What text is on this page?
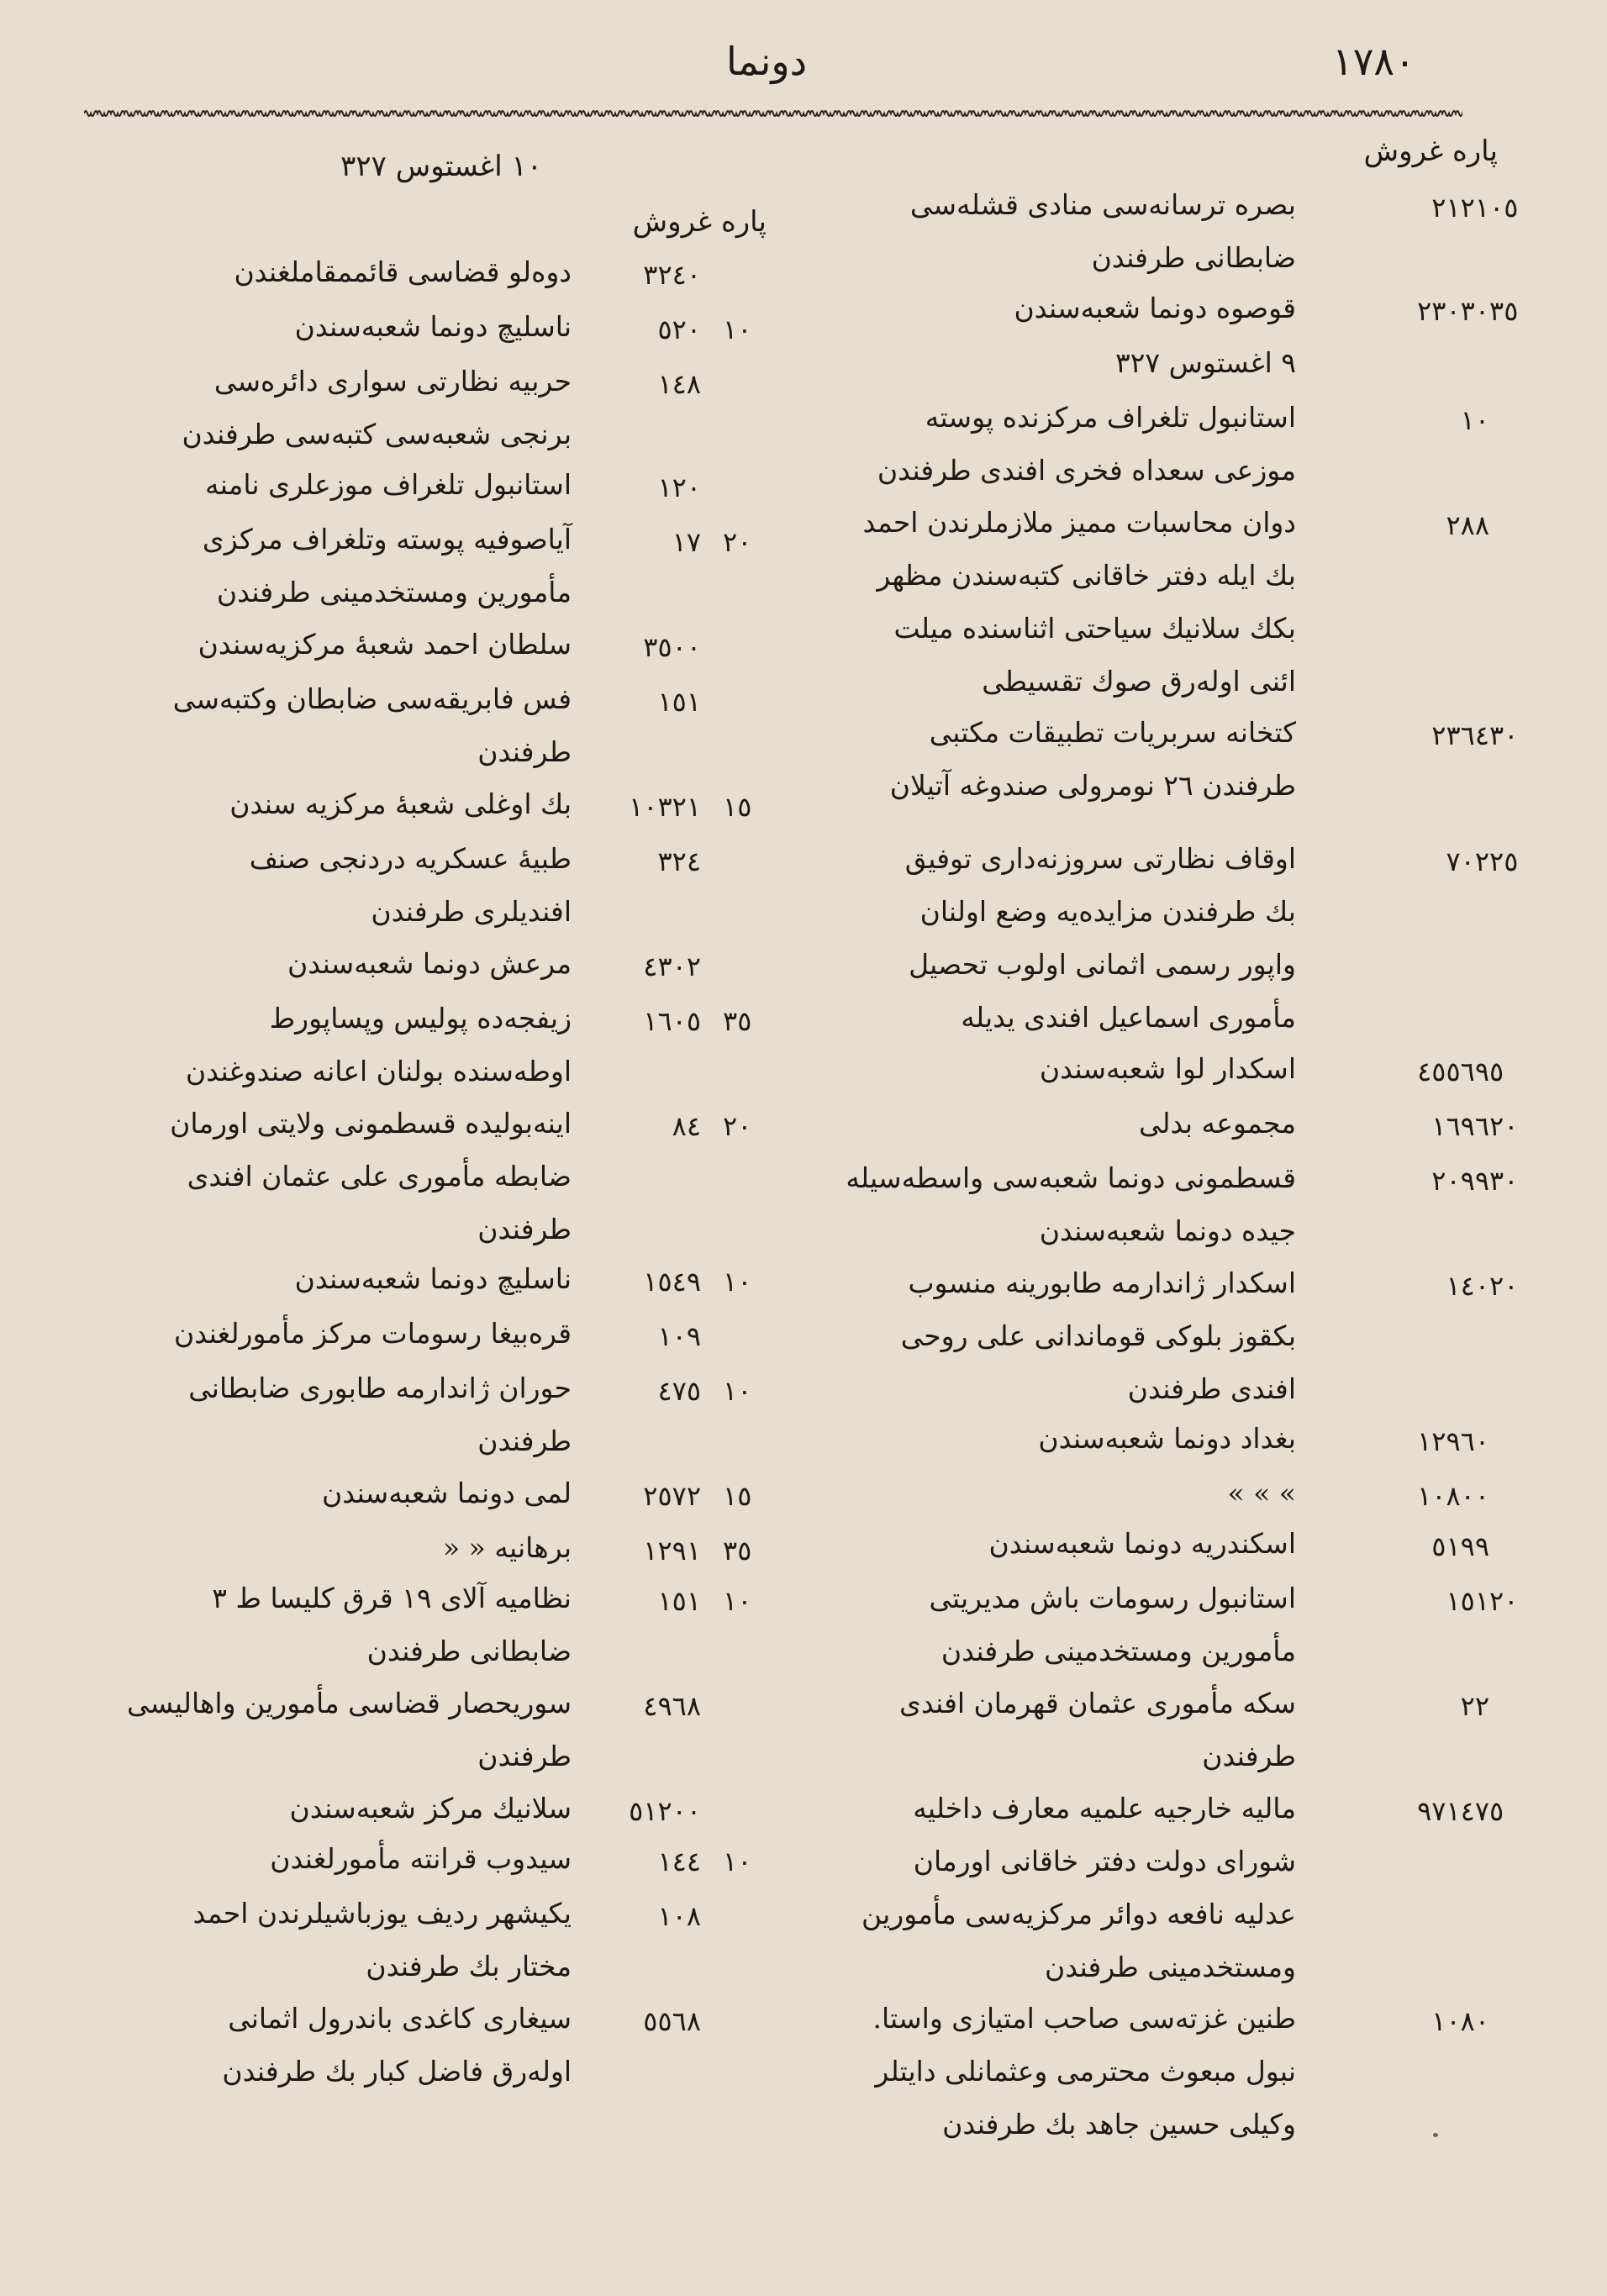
١٧٨٠
دونما
پاره غروش
٢١٢١ ٠٥
بصره ترسانه‌سی منادی قشله‌سی
ضابطانی طرفندن
٢٣٠٣٠ ٣٥
قوصوه دونما شعبه‌سندن
٩ اغستوس ٣٢٧
١٠
استانبول تلغراف مرکزنده پوسته
موزعی سعداه فخری افندی طرفندن
٢٨٨
دوان محاسبات مميز ملازملرندن احمد
بك ايله دفتر خاقانی کتبه‌سندن مظهر
بکك سلانيك سياحتی اثناسنده ميلت
ائنی اوله‌رق صوك تقسيطی
٢٣٦٤ ٣٠
کتخانه سربريات تطبيقات مکتبی
طرفندن ٢٦ نومرولی صندوغه آتيلان
٧٠٢ ٢٥
اوقاف نظارتی سروزنه‌داری توفيق
بك طرفندن مزايده‌يه وضع اولنان
واپور رسمی اثمانی اولوب تحصيل
مأموری اسماعيل افندی يديله
٤٥٥٦٩ ٥
اسکدار لوا شعبه‌سندن
١٦٩٦ ٢٠
مجموعه بدلی
٢٠٩٩ ٣٠
قسطمونی دونما شعبه‌سی واسطه‌سيله
جيده دونما شعبه‌سندن
١٤٠ ٢٠
اسکدار ژاندارمه طابورينه منسوب
بکقوز بلوکی قوماندانی علی روحی
افندی طرفندن
١٢٩٦٠
بغداد دونما شعبه‌سندن
١٠٨٠٠
» » »
٥١٩٩
اسکندريه دونما شعبه‌سندن
١٥١ ٢٠
استانبول رسومات باش مديريتی
مأمورين ومستخدمينی طرفندن
٢٢
سکه مأموری عثمان قهرمان افندی
طرفندن
٩٧١٤٧ ٥
ماليه خارجيه علميه معارف داخليه
شورای دولت دفتر خاقانی اورمان
عدليه نافعه دوائر مرکزيه‌سی مأمورين
ومستخدمينی طرفندن
١٠٨٠
طنين غزته‌سی صاحب امتيازی واستا.
نبول مبعوث محترمی وعثمانلی دايتلر
وکيلی حسين جاهد بك طرفندن
١٠ اغستوس ٣٢٧
پاره غروش
٣٢٤٠
دوه‌لو قضاسی قائممقاملغندن
٥٢٠ ١٠
ناسليچ دونما شعبه‌سندن
١٤٨
حربيه نظارتی سواری دائره‌سی
برنجی شعبه‌سی کتبه‌سی طرفندن
١٢٠
استانبول تلغراف موزعلری نامنه
١٧ ٢٠
آياصوفيه پوسته وتلغراف مرکزی
مأمورين ومستخدمينی طرفندن
٣٥٠٠
سلطان احمد شعبهٔ مرکزيه‌سندن
١٥١
فس فابريقه‌سی ضابطان وکتبه‌سی
طرفندن
١٠٣٢١ ١٥
بك اوغلی شعبهٔ مرکزيه سندن
٣٢٤
طبيهٔ عسکريه دردنجی صنف
افنديلری طرفندن
٤٣٠٢
مرعش دونما شعبه‌سندن
١٦٠٥ ٣٥
زيفجه‌ده پوليس وپساپورط
اوطه‌سنده بولنان اعانه صندوغندن
٨٤ ٢٠
اينه‌بوليده قسطمونی ولايتی اورمان
ضابطه مأموری علی عثمان افندی
طرفندن
١٥٤٩ ١٠
ناسليچ دونما شعبه‌سندن
١٠٩
قره‌بيغا رسومات مرکز مأمورلغندن
٤٧٥ ١٠
حوران ژاندارمه طابوری ضابطانی
طرفندن
٢٥٧٢ ١٥
لمی دونما شعبه‌سندن
١٢٩١ ٣٥
برهانيه « «
١٥١ ١٠
نظاميه آلای ١٩ قرق کليسا ط ٣
ضابطانی طرفندن
٤٩٦٨
سوريحصار قضاسی مأمورين واهاليسی
طرفندن
٥١٢٠٠
سلانيك مرکز شعبه‌سندن
١٤٤ ١٠
سيدوب قرانته مأمورلغندن
١٠٨
يکيشهر رديف يوزباشيلرندن احمد
مختار بك طرفندن
٥٥٦٨
سيغاری کاغدی باندرول اثمانی
اوله‌رق فاضل کبار بك طرفندن
